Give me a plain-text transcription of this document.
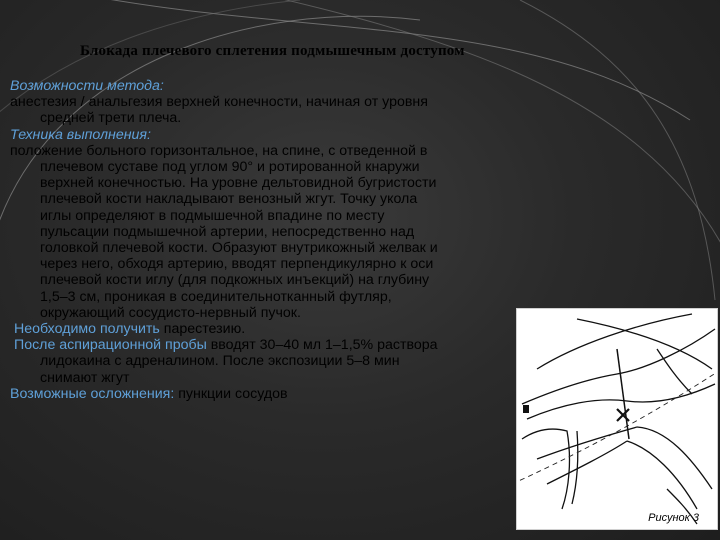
Блокада плечевого сплетения подмышечным доступом

Возможности метода:

анестезия / анальгезия верхней конечности, начиная от уровня

средней трети плеча.

Техника выполнения:

положение больного горизонтальное, на спине, с отведенной в

плечевом суставе под углом 90° и ротированной кнаружи

верхней конечностью. На уровне дельтовидной бугристости

плечевой кости накладывают венозный жгут. Точку укола

иглы определяют в подмышечной впадине по месту

пульсации подмышечной артерии, непосредственно над

головкой плечевой кости. Образуют внутрикожный желвак и

через него, обходя артерию, вводят перпендикулярно к оси

плечевой кости иглу (для подкожных инъекций) на глубину

1,5–3 см, проникая в соединительнотканный футляр,

окружающий сосудисто-нервный пучок.

Необходимо получить парестезию.

После аспирационной пробы вводят 30–40 мл 1–1,5% раствора

лидокаина с адреналином. После экспозиции 5–8 мин

снимают жгут

Возможные осложнения: пункции сосудов

Рисунок 3
